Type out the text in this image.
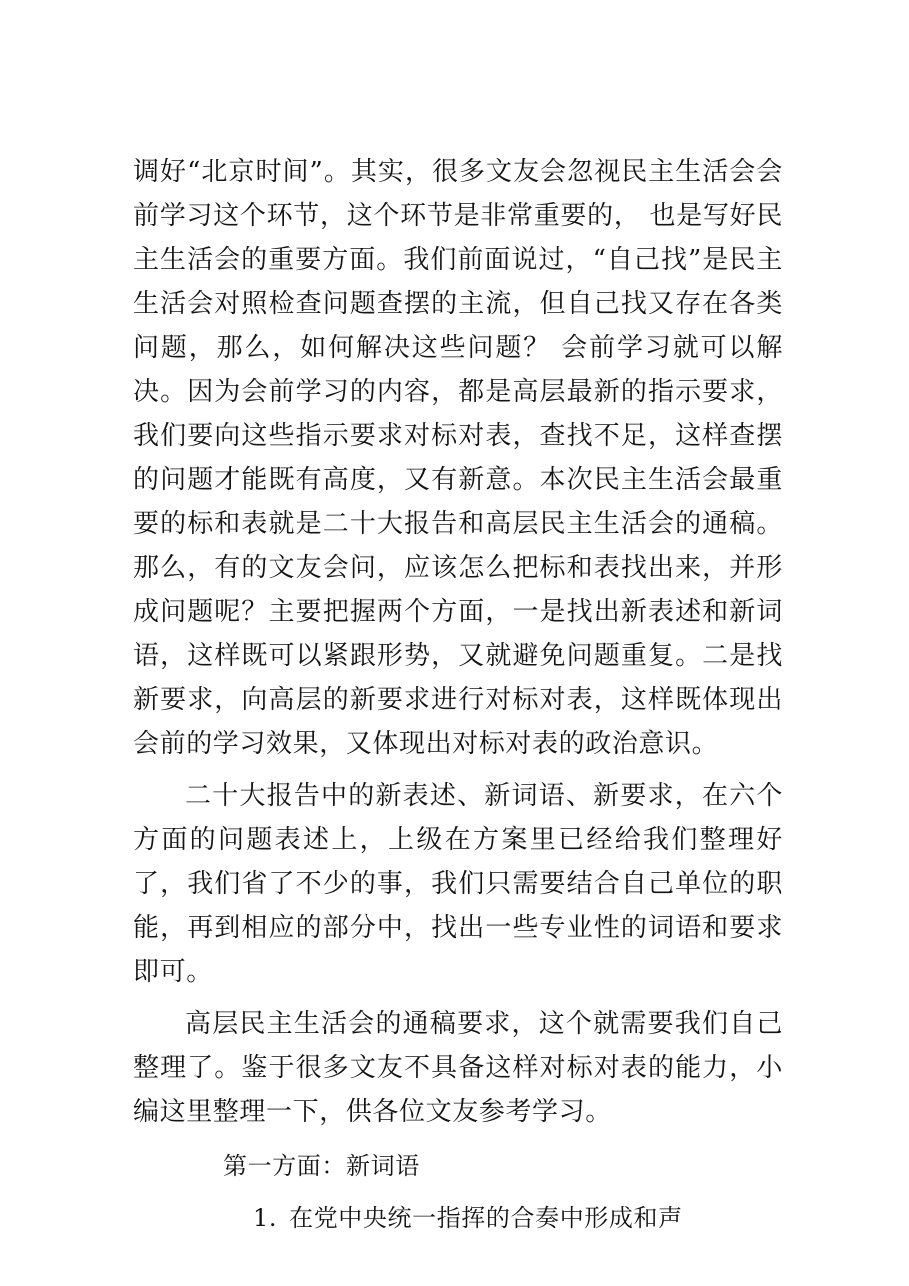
调好“北京时间”。其实，很多文友会忽视民主生活会会前学习这个环节，这个环节是非常重要的， 也是写好民主生活会的重要方面。我们前面说过，“自己找”是民主生活会对照检查问题查摆的主流，但自己找又存在各类问题，那么，如何解决这些问题？ 会前学习就可以解决。因为会前学习的内容，都是高层最新的指示要求，我们要向这些指示要求对标对表，查找不足，这样查摆的问题才能既有高度，又有新意。本次民主生活会最重要的标和表就是二十大报告和高层民主生活会的通稿。那么，有的文友会问，应该怎么把标和表找出来，并形成问题呢？主要把握两个方面，一是找出新表述和新词语，这样既可以紧跟形势，又就避免问题重复。二是找新要求，向高层的新要求进行对标对表，这样既体现出会前的学习效果，又体现出对标对表的政治意识。

二十大报告中的新表述、新词语、新要求，在六个方面的问题表述上，上级在方案里已经给我们整理好了，我们省了不少的事，我们只需要结合自己单位的职能，再到相应的部分中，找出一些专业性的词语和要求即可。

高层民主生活会的通稿要求，这个就需要我们自己整理了。鉴于很多文友不具备这样对标对表的能力，小编这里整理一下，供各位文友参考学习。

第一方面：新词语
1. 在党中央统一指挥的合奏中形成和声
